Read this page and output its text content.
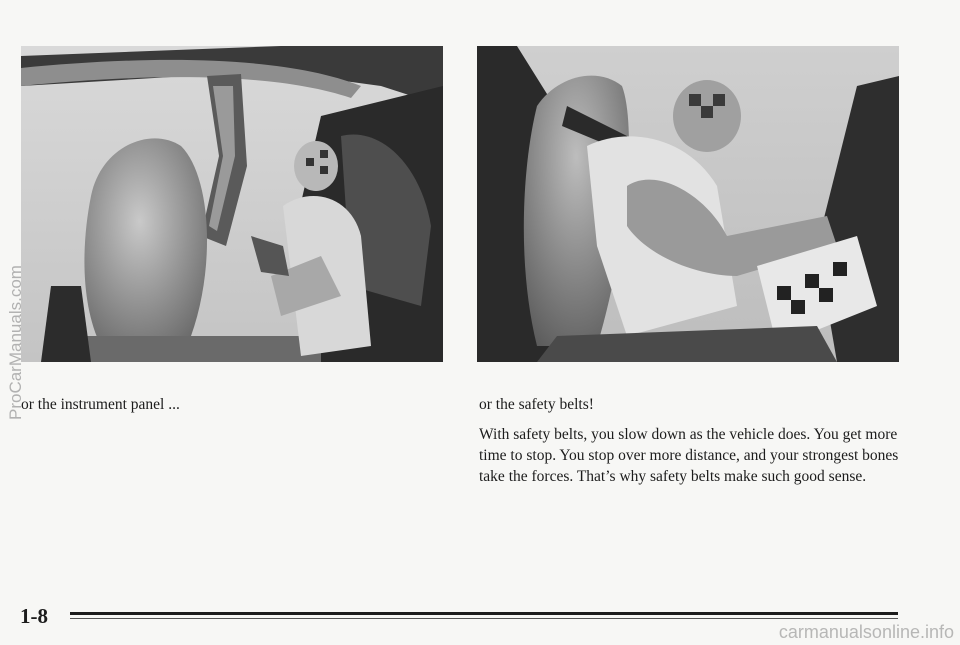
or the instrument panel ...	or the safety belts!

With safety belts, you slow down as the vehicle does. You get more time to stop. You stop over more distance, and your strongest bones take the forces. That’s why safety belts make such good sense.

1-8
ProCarManuals.com
carmanualsonline.info
